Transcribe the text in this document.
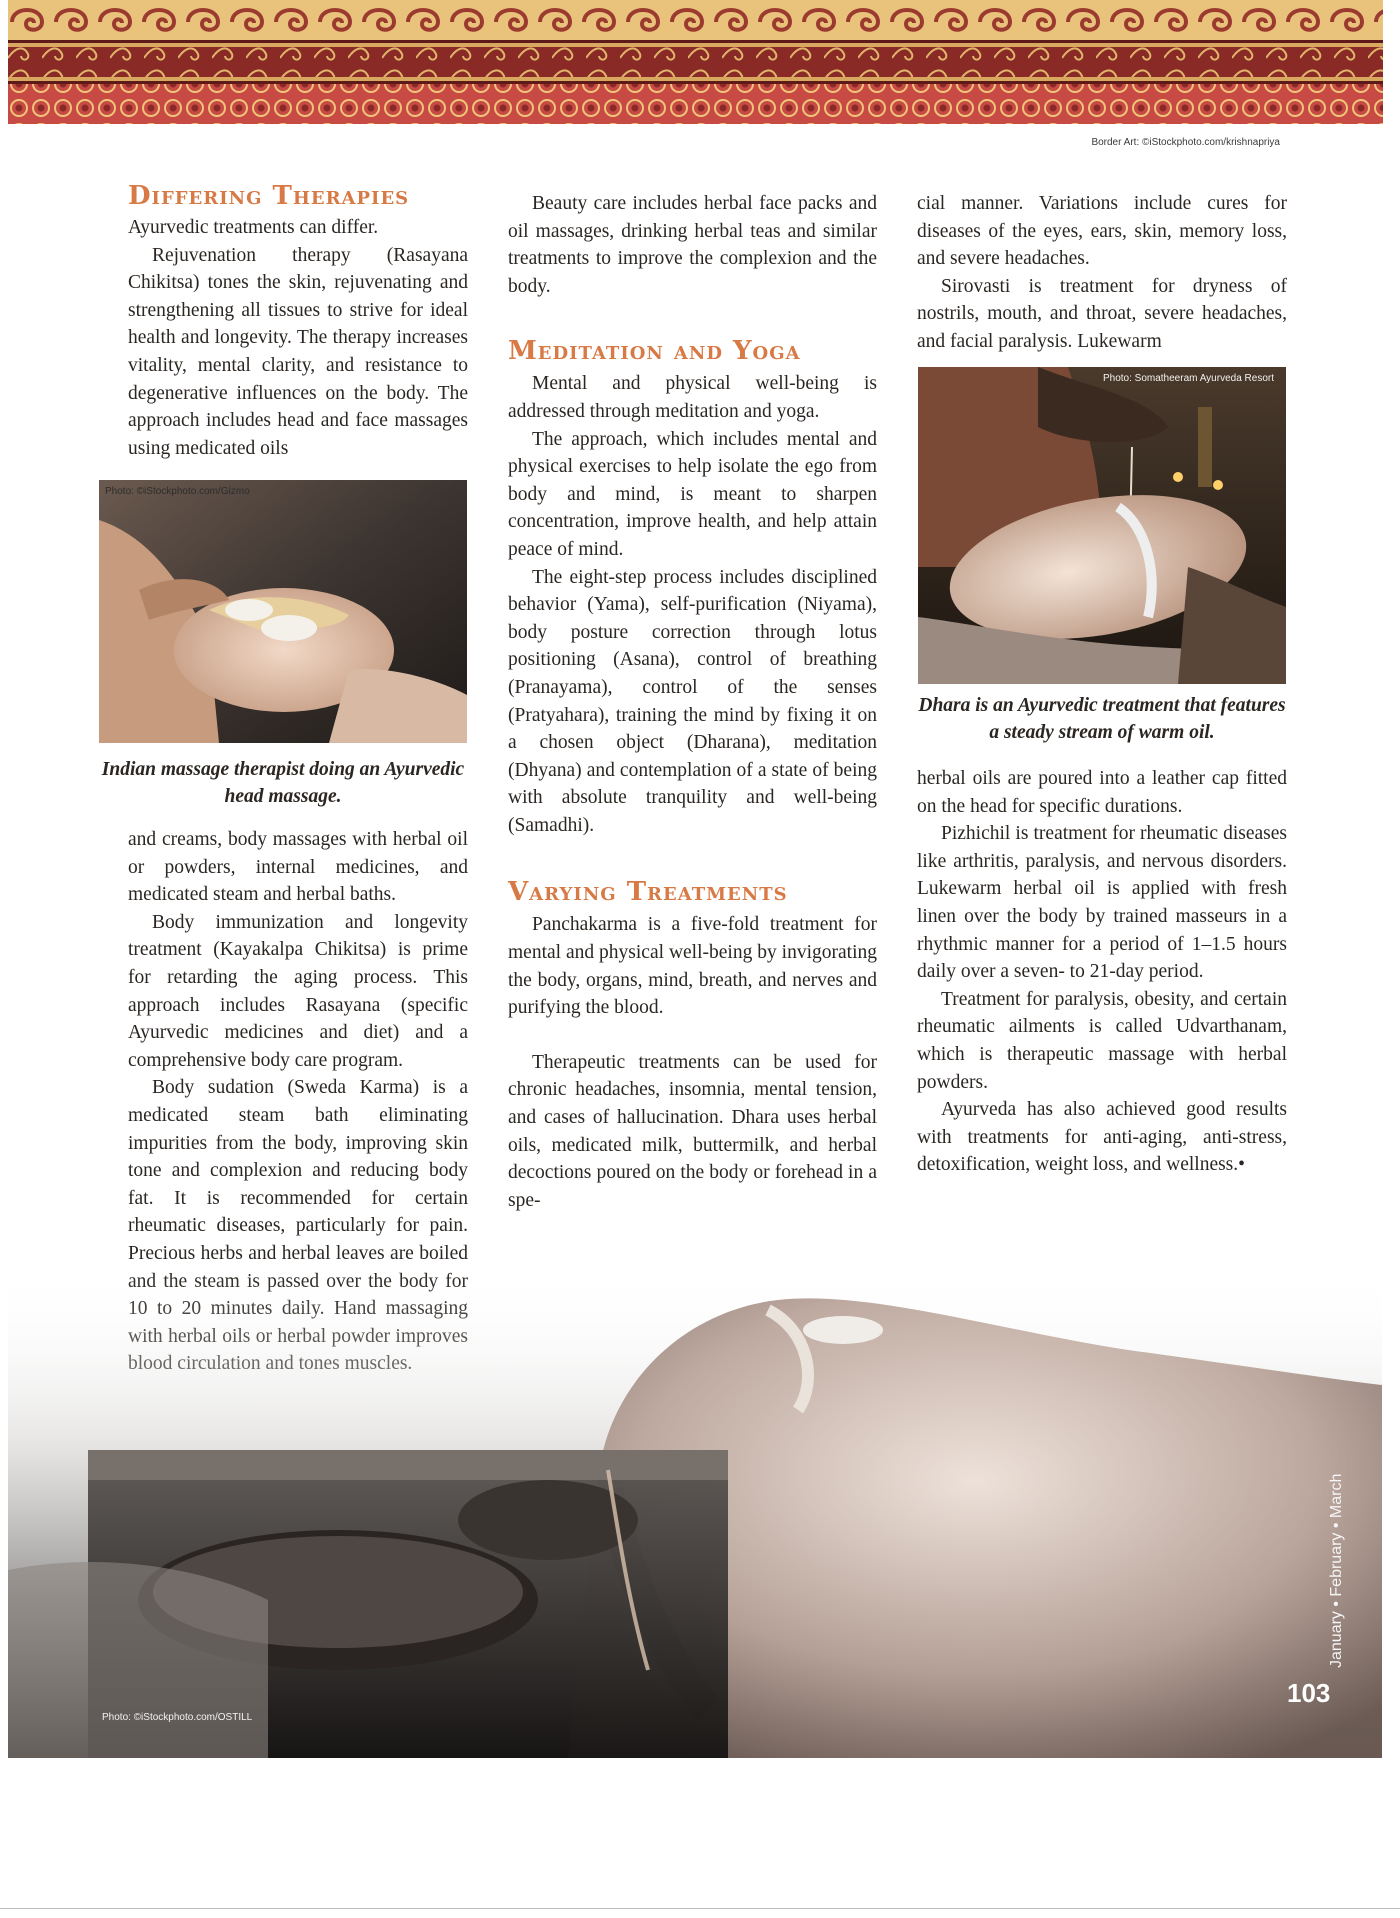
Border Art: ©iStockphoto.com/krishnapriya
Differing Therapies

Ayurvedic treatments can differ.

Rejuvenation therapy (Rasayana Chikitsa) tones the skin, rejuvenating and strengthening all tissues to strive for ideal health and longevity. The therapy increases vitality, mental clarity, and resistance to degenerative influences on the body. The approach includes head and face massages using medicated oils

and creams, body massages with herbal oil or powders, internal medicines, and medicated steam and herbal baths.

Body immunization and longevity treatment (Kayakalpa Chikitsa) is prime for retarding the aging process. This approach includes Rasayana (specific Ayurvedic medicines and diet) and a comprehensive body care program.

Body sudation (Sweda Karma) is a medicated steam bath eliminating impurities from the body, improving skin tone and complexion and reducing body fat. It is recommended for certain rheumatic diseases, particularly for pain. Precious herbs and herbal leaves are boiled

Photo: ©iStockphoto.com/Gizmo
Indian massage therapist doing an Ayurvedic head massage.

Beauty care includes herbal face packs and oil massages, drinking herbal teas and similar treatments to improve the complexion and the body.

Meditation and Yoga

Mental and physical well-being is addressed through meditation and yoga.

The approach, which includes mental and physical exercises to help isolate the ego from body and mind, is meant to sharpen concentration, improve health, and help attain peace of mind.

The eight-step process includes disciplined behavior (Yama), self-purification (Niyama), body posture correction through lotus positioning (Asana), control of breathing (Pranayama), control of the senses (Pratyahara), training the mind by fixing it on a chosen object (Dharana), meditation (Dhyana) and contemplation of a state of being with absolute tranquility and well-being (Samadhi).

Varying Treatments

Panchakarma is a five-fold treatment for mental and physical well-being by invigorating the body, organs, mind, breath, and nerves and purifying the blood.

Therapeutic treatments can be used for chronic headaches, insomnia, mental tension, and cases of hallucination. Dhara uses herbal oils, medicated milk, buttermilk, and herbal decoctions poured on the body or forehead in a spe-

cial manner. Variations include cures for diseases of the eyes, ears, skin, memory loss, and severe headaches.

Sirovasti is treatment for dryness of nostrils, mouth, and throat, severe headaches, and facial paralysis. Lukewarm

Photo: Somatheeram Ayurveda Resort
Dhara is an Ayurvedic treatment that features a steady stream of warm oil.

herbal oils are poured into a leather cap fitted on the head for specific durations.

Pizhichil is treatment for rheumatic diseases like arthritis, paralysis, and nervous disorders. Lukewarm herbal oil is applied with fresh linen over the body by trained masseurs in a rhythmic manner for a period of 1–1.5 hours daily over a seven- to 21-day period.

Treatment for paralysis, obesity, and certain rheumatic ailments is called Udvarthanam, which is therapeutic massage with herbal powders.

Ayurveda has also achieved good results with treatments for anti-aging, anti-stress, detoxification, weight loss, and wellness.•

Photo: ©iStockphoto.com/OSTILL
January • February • March
103
